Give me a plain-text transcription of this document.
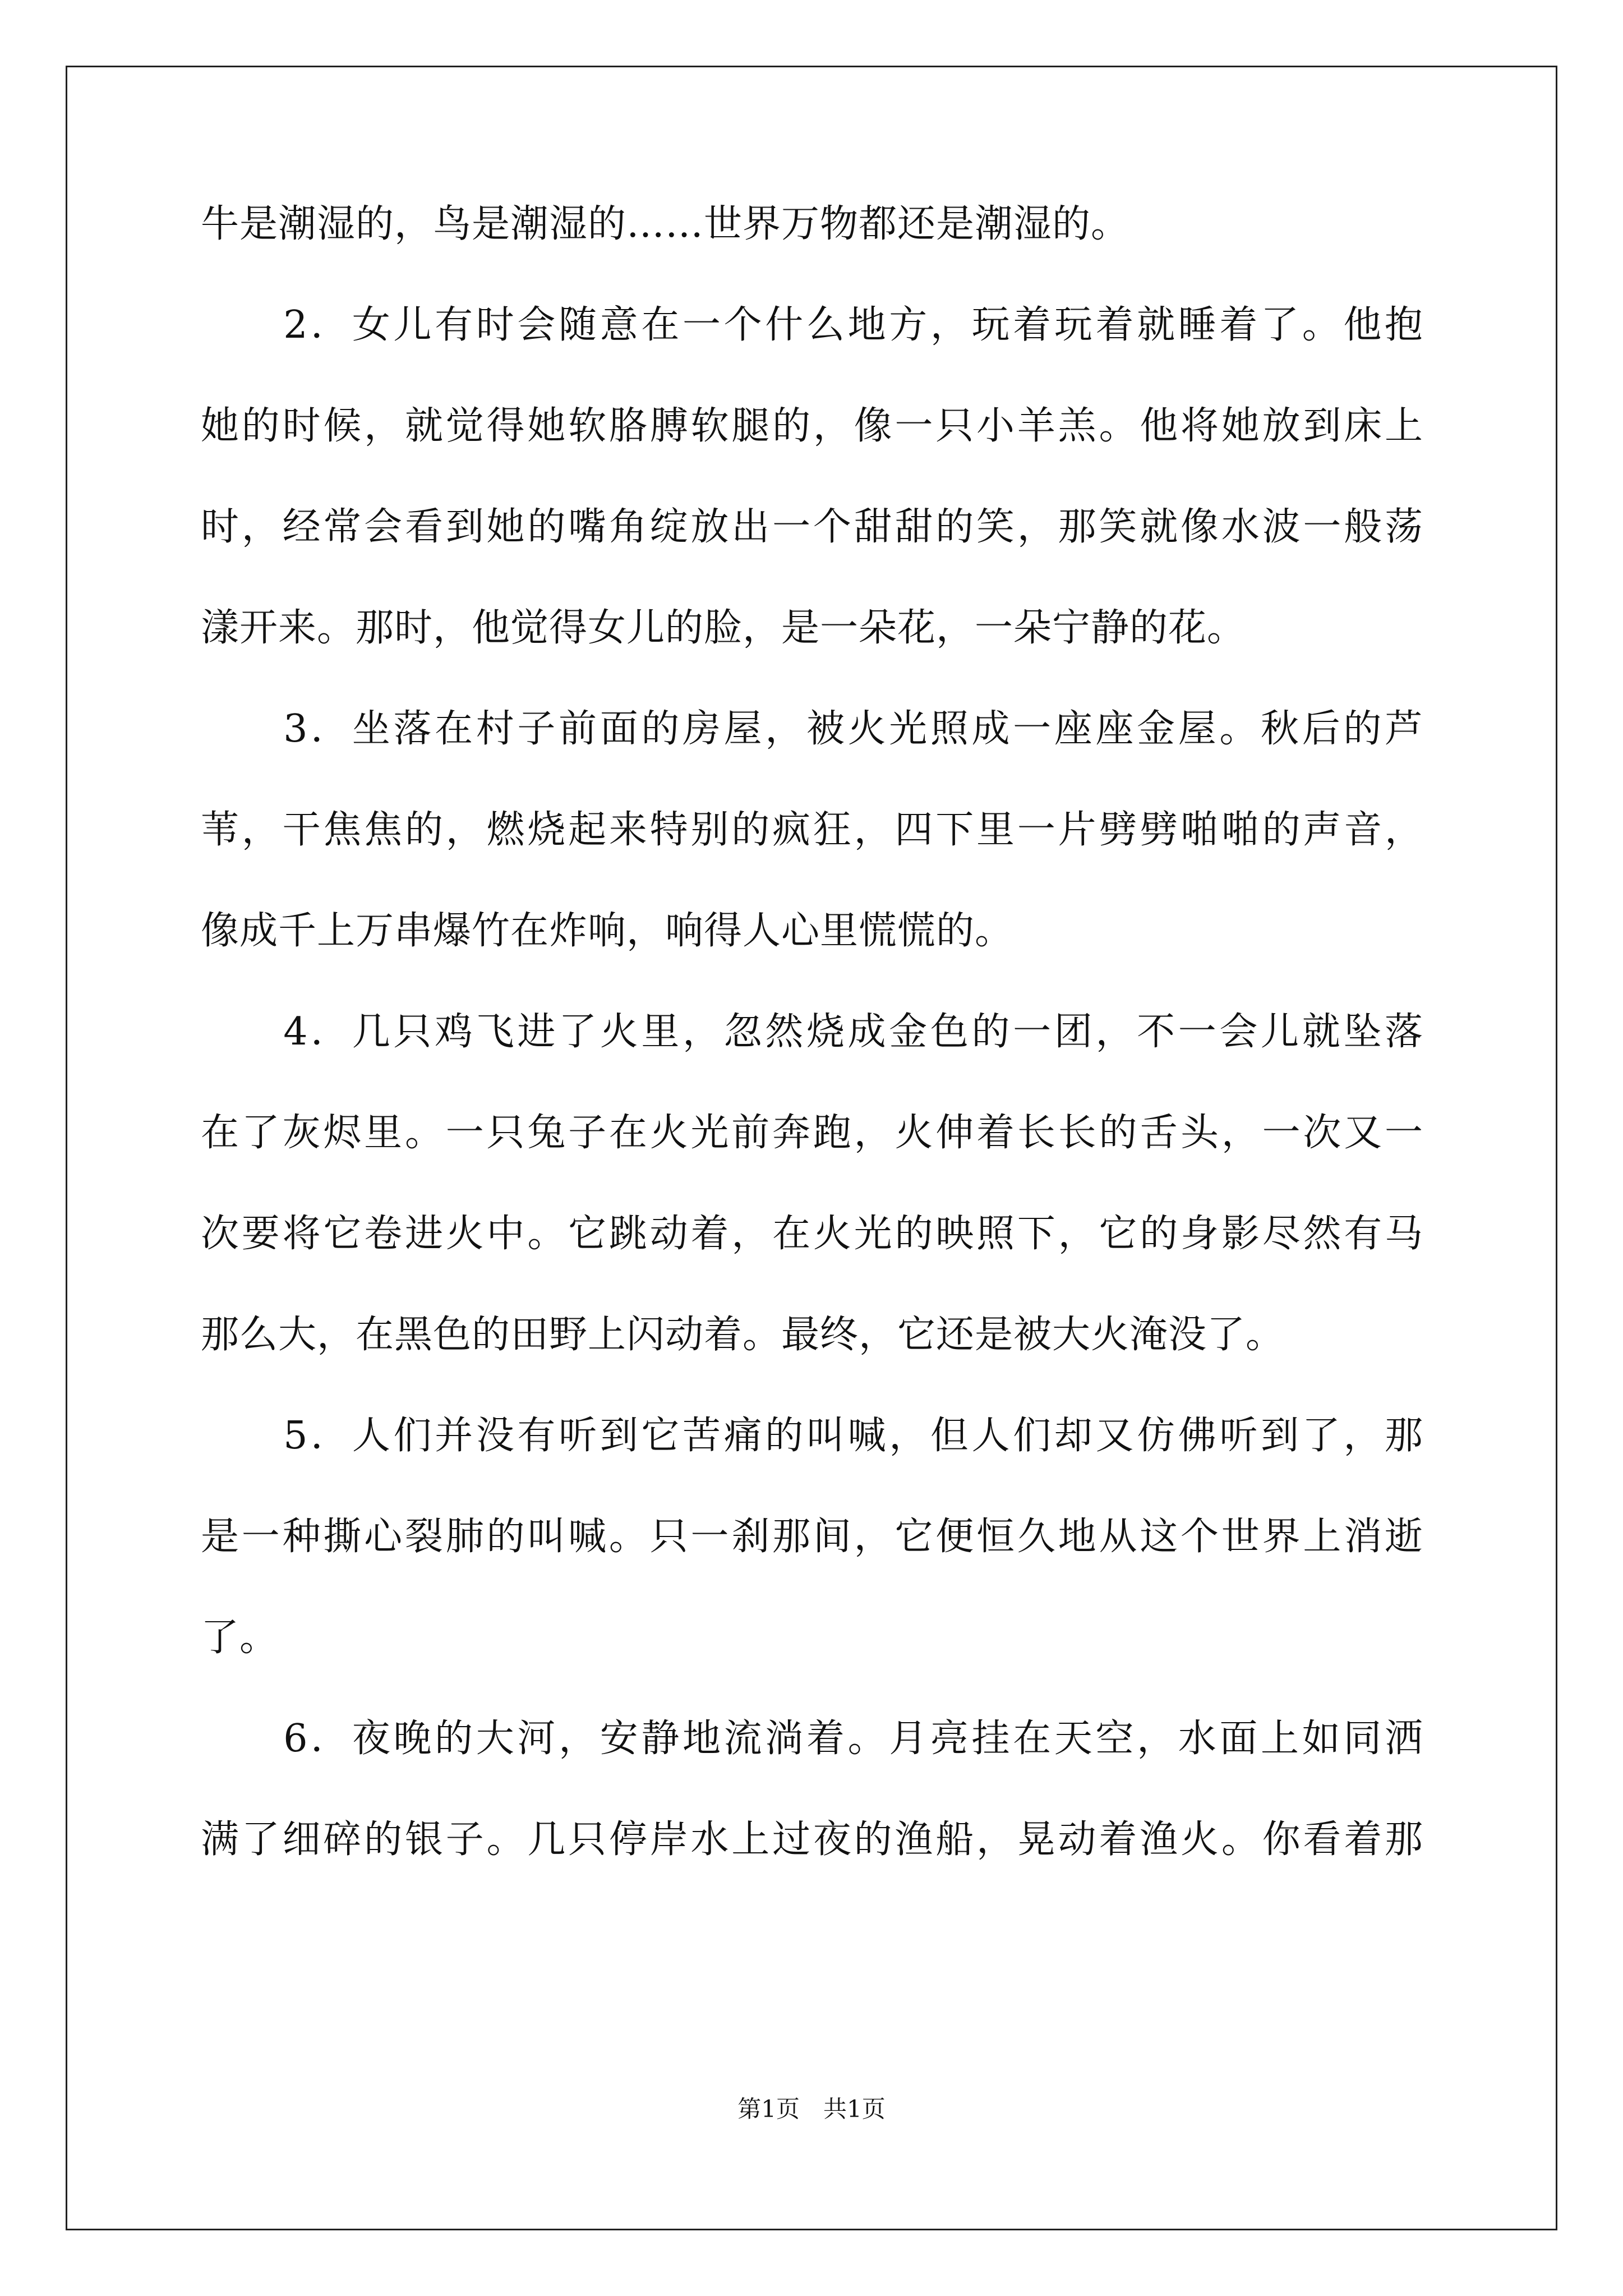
牛是潮湿的，鸟是潮湿的……世界万物都还是潮湿的。
　　2．女儿有时会随意在一个什么地方，玩着玩着就睡着了。他抱
她的时候，就觉得她软胳膊软腿的，像一只小羊羔。他将她放到床上
时，经常会看到她的嘴角绽放出一个甜甜的笑，那笑就像水波一般荡
漾开来。那时，他觉得女儿的脸，是一朵花，一朵宁静的花。
　　3．坐落在村子前面的房屋，被火光照成一座座金屋。秋后的芦
苇，干焦焦的，燃烧起来特别的疯狂，四下里一片劈劈啪啪的声音，
像成千上万串爆竹在炸响，响得人心里慌慌的。
　　4．几只鸡飞进了火里，忽然烧成金色的一团，不一会儿就坠落
在了灰烬里。一只兔子在火光前奔跑，火伸着长长的舌头，一次又一
次要将它卷进火中。它跳动着，在火光的映照下，它的身影尽然有马
那么大，在黑色的田野上闪动着。最终，它还是被大火淹没了。
　　5．人们并没有听到它苦痛的叫喊，但人们却又仿佛听到了，那
是一种撕心裂肺的叫喊。只一刹那间，它便恒久地从这个世界上消逝
了。
　　6．夜晚的大河，安静地流淌着。月亮挂在天空，水面上如同洒
满了细碎的银子。几只停岸水上过夜的渔船，晃动着渔火。你看着那
第1页　共1页
